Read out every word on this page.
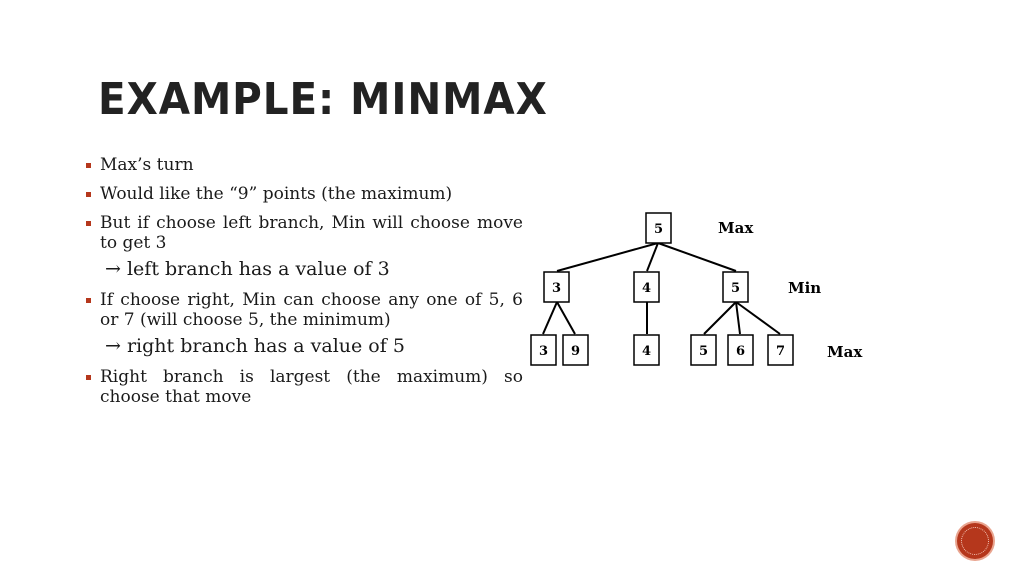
EXAMPLE: MINMAX
Max’s turn
Would like the “9” points (the maximum)
But if choose left branch, Min will choose move to get 3
→ left branch has a value of 3
If choose right, Min can choose any one of 5, 6 or 7 (will choose 5, the minimum)
→ right branch has a value of 5
Right branch is largest (the maximum) so choose that move
5
3	4	5
3 9	4	5 6 7
Max
Min
Max
